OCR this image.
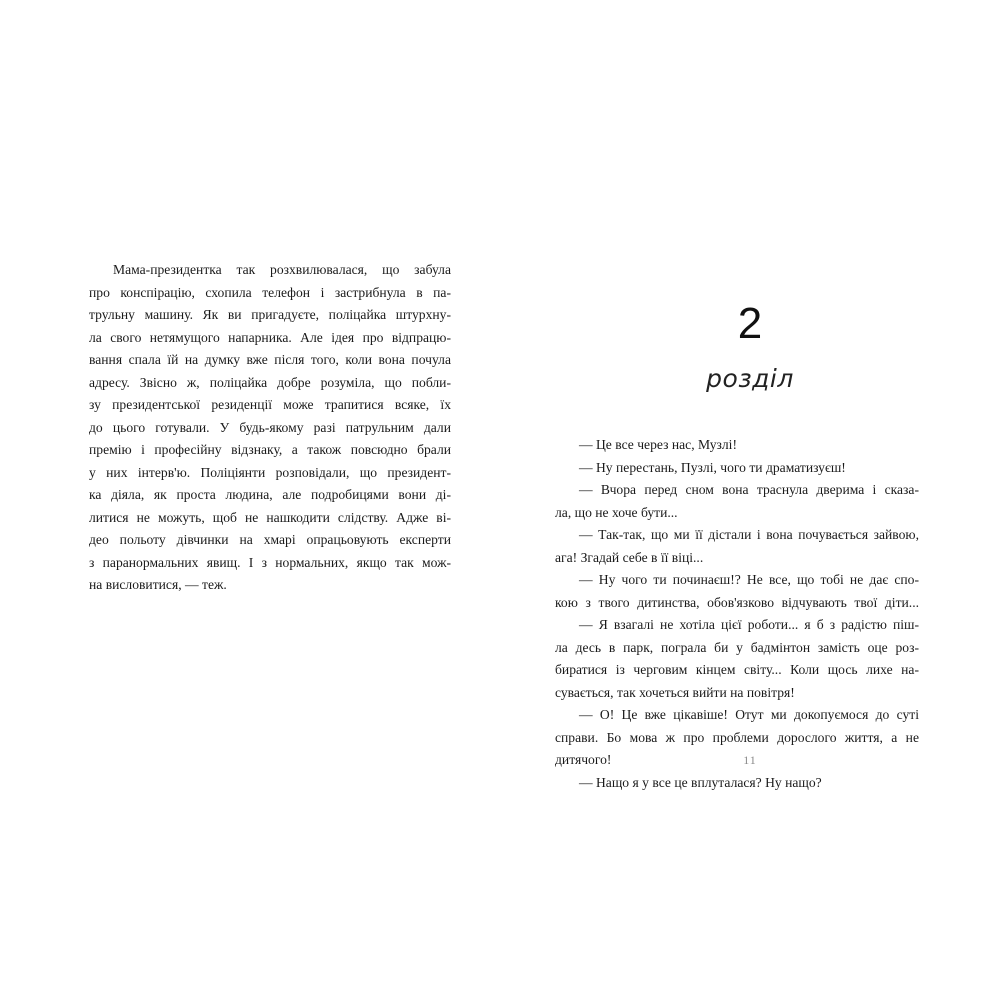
Мама-президентка так розхвилювалася, що забула
про конспірацію, схопила телефон і застрибнула в па-
трульну машину. Як ви пригадуєте, поліцайка штурхну-
ла свого нетямущого напарника. Але ідея про відпрацю-
вання спала їй на думку вже після того, коли вона почула
адресу. Звісно ж, поліцайка добре розуміла, що побли-
зу президентської резиденції може трапитися всяке, їх
до цього готували. У будь-якому разі патрульним дали
премію і професійну відзнаку, а також повсюдно брали
у них інтерв'ю. Поліціянти розповідали, що президент-
ка діяла, як проста людина, але подробицями вони ді-
литися не можуть, щоб не нашкодити слідству. Адже ві-
део польоту дівчинки на хмарі опрацьовують експерти
з паранормальних явищ. І з нормальних, якщо так мож-
на висловитися, — теж.
2
розділ
— Це все через нас, Музлі!
— Ну перестань, Пузлі, чого ти драматизуєш!
— Вчора перед сном вона траснула дверима і сказа-
ла, що не хоче бути...
— Так-так, що ми її дістали і вона почувається зайвою,
ага! Згадай себе в її віці...
— Ну чого ти починаєш!? Не все, що тобі не дає спо-
кою з твого дитинства, обов'язково відчувають твої діти...
— Я взагалі не хотіла цієї роботи... я б з радістю піш-
ла десь в парк, пограла би у бадмінтон замість оце роз-
биратися із черговим кінцем світу... Коли щось лихе на-
сувається, так хочеться вийти на повітря!
— О! Це вже цікавіше! Отут ми докопуємося до суті
справи. Бо мова ж про проблеми дорослого життя, а не
дитячого!
— Нащо я у все це вплуталася? Ну нащо?
11
